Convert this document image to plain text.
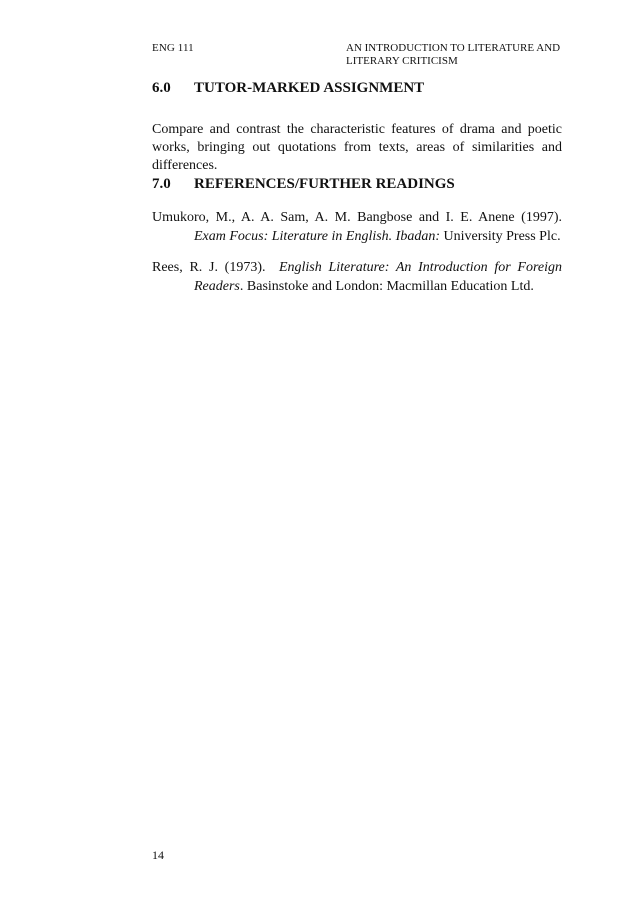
ENG 111	AN INTRODUCTION TO LITERATURE AND
LITERARY CRITICISM
6.0 TUTOR-MARKED ASSIGNMENT

Compare and contrast the characteristic features of drama and poetic works, bringing out quotations from texts, areas of similarities and differences.

7.0 REFERENCES/FURTHER READINGS

Umukoro, M., A. A. Sam, A. M. Bangbose and I. E. Anene (1997).
Exam Focus: Literature in English. Ibadan: University Press Plc.

Rees, R. J. (1973). English Literature: An Introduction for Foreign
Readers. Basinstoke and London: Macmillan Education Ltd.

14
